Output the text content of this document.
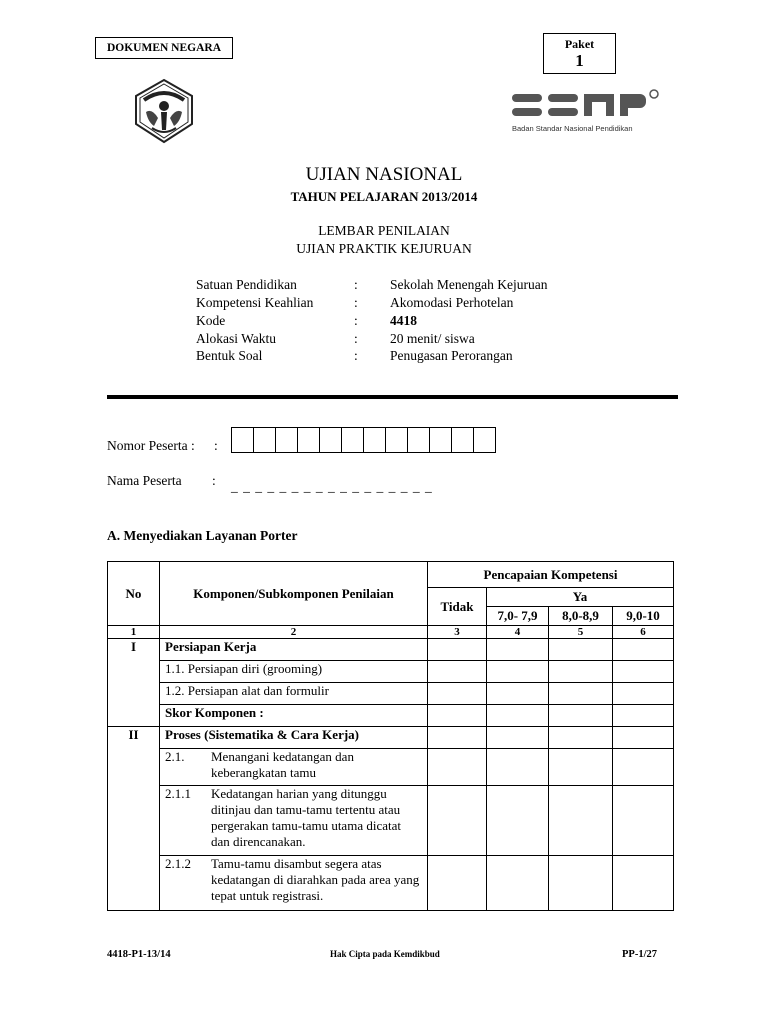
DOKUMEN NEGARA	Paket
1
Badan Standar Nasional Pendidikan
UJIAN NASIONAL
TAHUN PELAJARAN 2013/2014
LEMBAR PENILAIAN
UJIAN PRAKTIK KEJURUAN
Satuan Pendidikan	: Sekolah Menengah Kejuruan
Kompetensi Keahlian	: Akomodasi Perhotelan
Kode	: 4418
Alokasi Waktu	: 20 menit/ siswa
Bentuk Soal	: Penugasan Perorangan
Nomor Peserta : :
Nama Peserta : _ _ _ _ _ _ _ _ _ _ _ _ _ _ _ _ _
A. Menyediakan Layanan Porter
No	Komponen/Subkomponen Penilaian	Pencapaian Kompetensi			
		Tidak	Ya		
			7,0- 7,9	8,0-8,9	9,0-10
1	2	3	4	5	6
I	Persiapan Kerja				
	1.1. Persiapan diri (grooming)				
	1.2. Persiapan alat dan formulir				
	Skor Komponen :				
II	Proses (Sistematika & Cara Kerja)				

	2.1. Menangani kedatangan dan keberangkatan tamu				

	2.1.1 Kedatangan harian yang ditunggu ditinjau dan tamu-tamu tertentu atau pergerakan tamu-tamu utama dicatat dan direncanakan.				

	2.1.2 Tamu-tamu disambut segera atas kedatangan di diarahkan pada area yang tepat untuk registrasi.				

4418-P1-13/14	Hak Cipta pada Kemdikbud	PP-1/27
